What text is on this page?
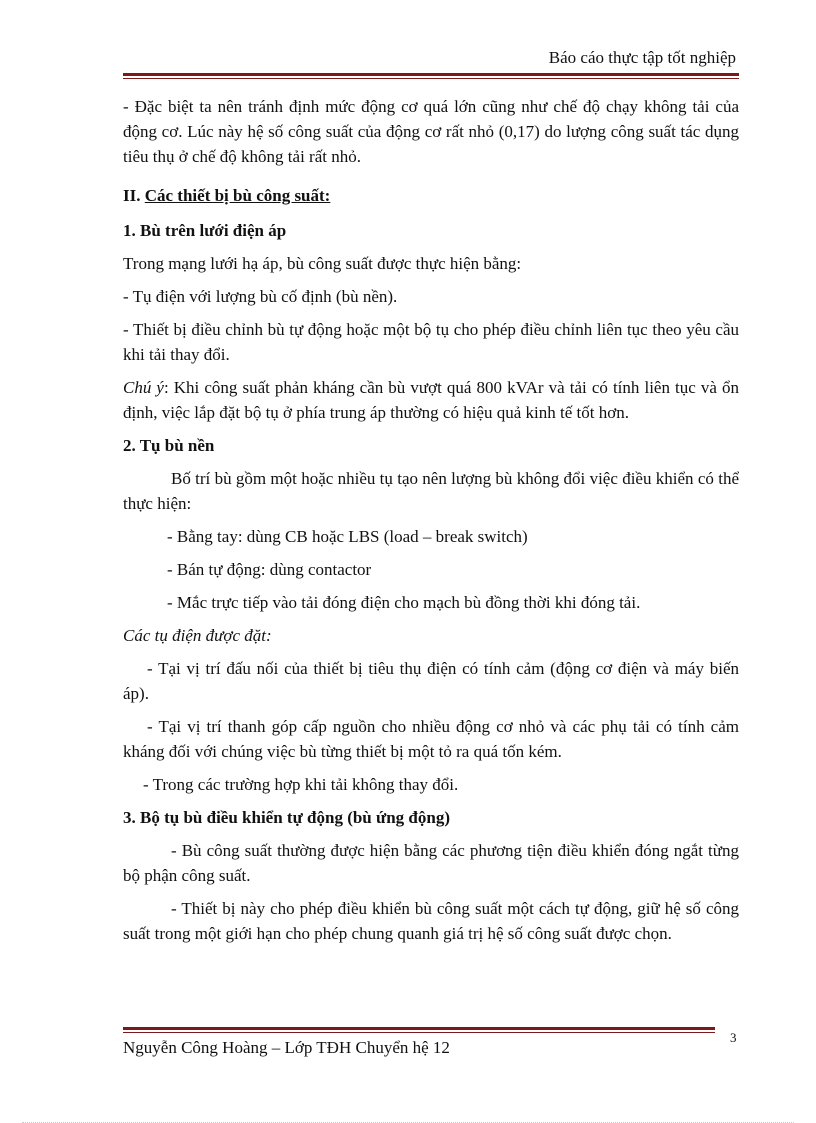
Báo cáo thực tập tốt nghiệp

- Đặc biệt ta nên tránh định mức động cơ quá lớn cũng như chế độ chạy không tải của động cơ. Lúc này hệ số công suất của động cơ rất nhỏ (0,17) do lượng công suất tác dụng tiêu thụ ở chế độ không tải rất nhỏ.

II. Các thiết bị bù công suất:

1. Bù trên lưới điện áp

Trong mạng lưới hạ áp, bù công suất được thực hiện bằng:

- Tụ điện với lượng bù cố định (bù nền).

- Thiết bị điều chỉnh bù tự động hoặc một bộ tụ cho phép điều chỉnh liên tục theo yêu cầu khi tải thay đổi.

Chú ý: Khi công suất phản kháng cần bù vượt quá 800 kVAr và tải có tính liên tục và ổn định, việc lắp đặt bộ tụ ở phía trung áp thường có hiệu quả kinh tế tốt hơn.

2. Tụ bù nền

Bố trí bù gồm một hoặc nhiều tụ tạo nên lượng bù không đổi việc điều khiển có thể thực hiện:

- Bằng tay: dùng CB hoặc LBS (load – break switch)

- Bán tự động: dùng contactor

- Mắc trực tiếp vào tải đóng điện cho mạch bù đồng thời khi đóng tải.

Các tụ điện được đặt:

- Tại vị trí đấu nối của thiết bị tiêu thụ điện có tính cảm (động cơ điện và máy biến áp).

- Tại vị trí thanh góp cấp nguồn cho nhiều động cơ nhỏ và các phụ tải có tính cảm kháng đối với chúng việc bù từng thiết bị một tỏ ra quá tốn kém.

- Trong các trường hợp khi tải không thay đổi.

3. Bộ tụ bù điều khiển tự động (bù ứng động)

- Bù công suất thường được hiện bằng các phương tiện điều khiển đóng ngắt từng bộ phận công suất.

- Thiết bị này cho phép điều khiển bù công suất một cách tự động, giữ hệ số công suất trong một giới hạn cho phép chung quanh giá trị hệ số công suất được chọn.

3
Nguyễn Công Hoàng – Lớp TĐH Chuyển hệ 12
